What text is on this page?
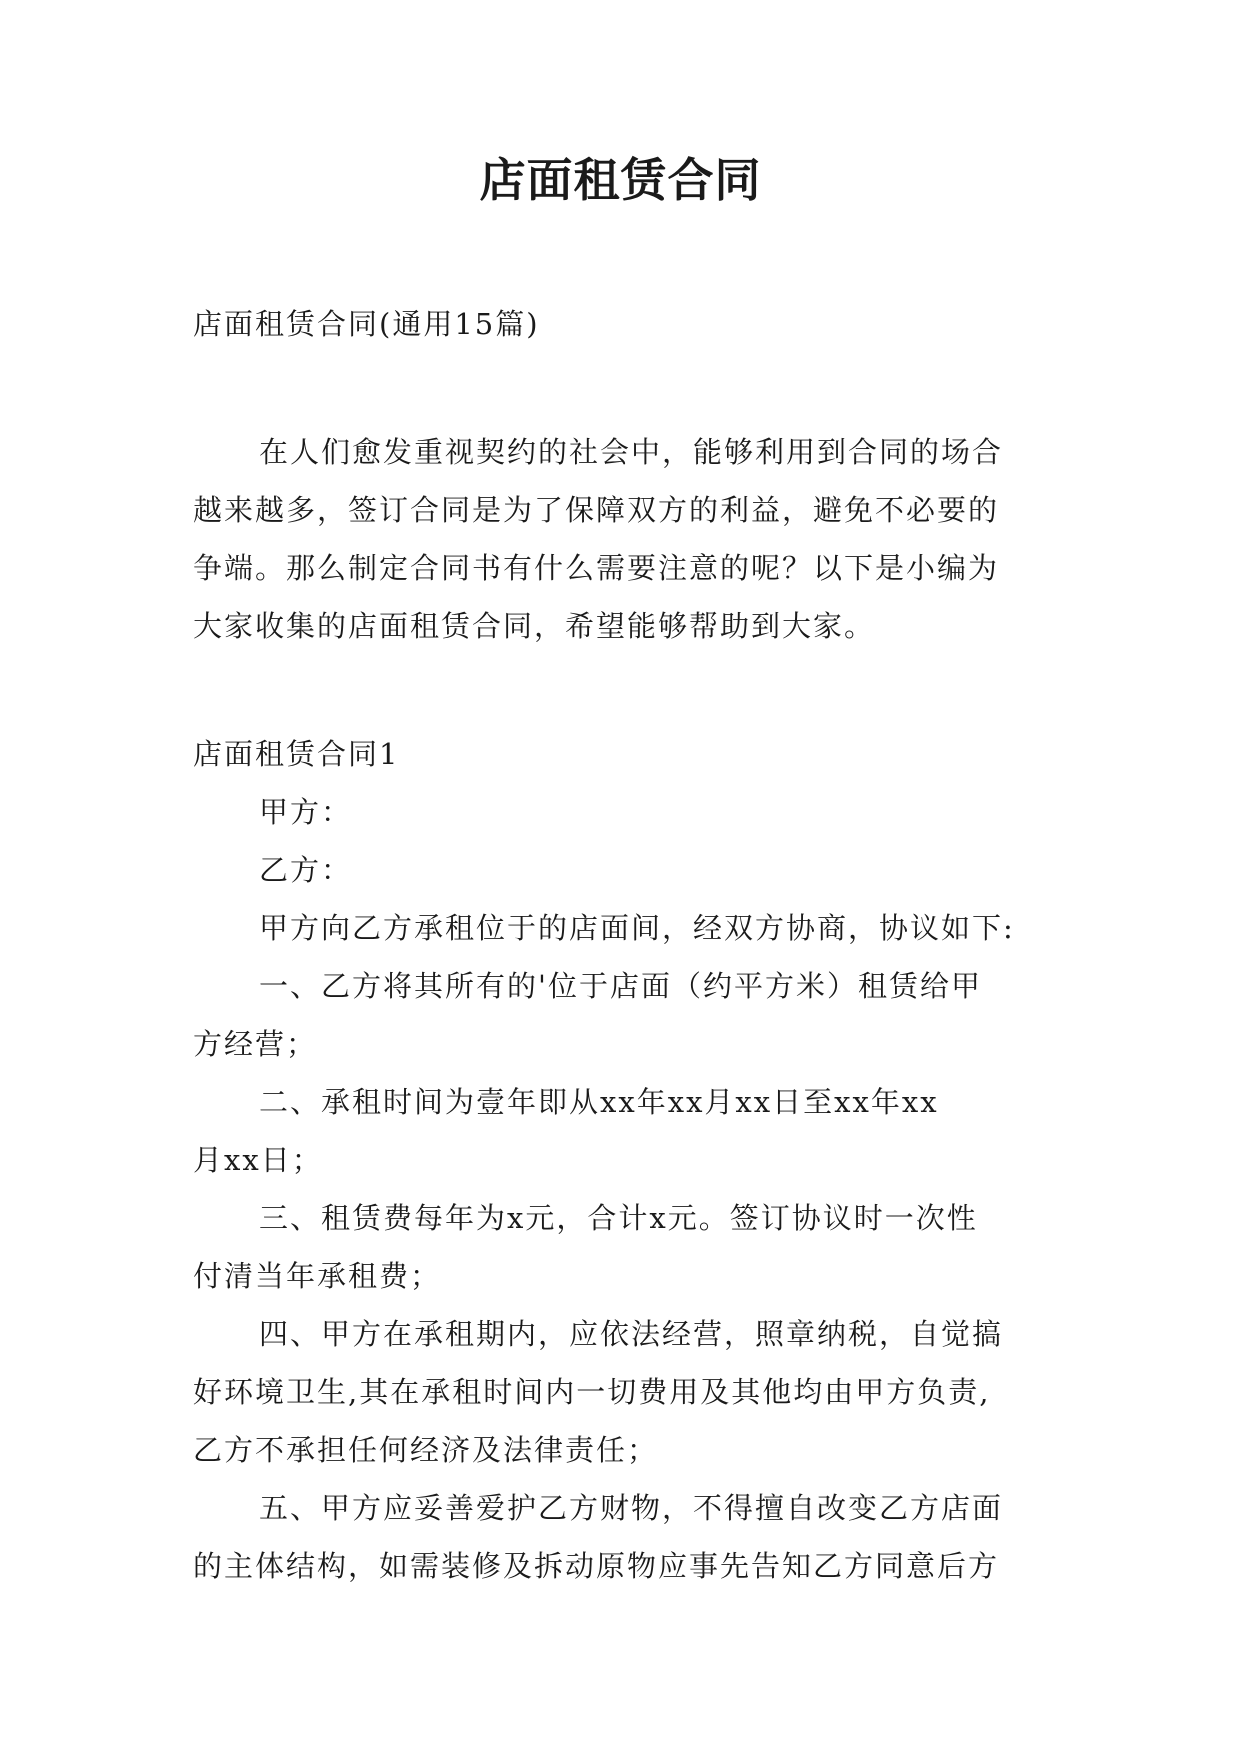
店面租赁合同
店面租赁合同(通用15篇)
在人们愈发重视契约的社会中，能够利用到合同的场合
越来越多，签订合同是为了保障双方的利益，避免不必要的
争端。那么制定合同书有什么需要注意的呢？以下是小编为
大家收集的店面租赁合同，希望能够帮助到大家。
店面租赁合同1
甲方：
乙方：
甲方向乙方承租位于的店面间，经双方协商，协议如下:
一、乙方将其所有的'位于店面（约平方米）租赁给甲
方经营；
二、承租时间为壹年即从xx年xx月xx日至xx年xx
月xx日；
三、租赁费每年为x元，合计x元。签订协议时一次性
付清当年承租费；
四、甲方在承租期内，应依法经营，照章纳税，自觉搞
好环境卫生,其在承租时间内一切费用及其他均由甲方负责,
乙方不承担任何经济及法律责任；
五、甲方应妥善爱护乙方财物，不得擅自改变乙方店面
的主体结构，如需装修及拆动原物应事先告知乙方同意后方
